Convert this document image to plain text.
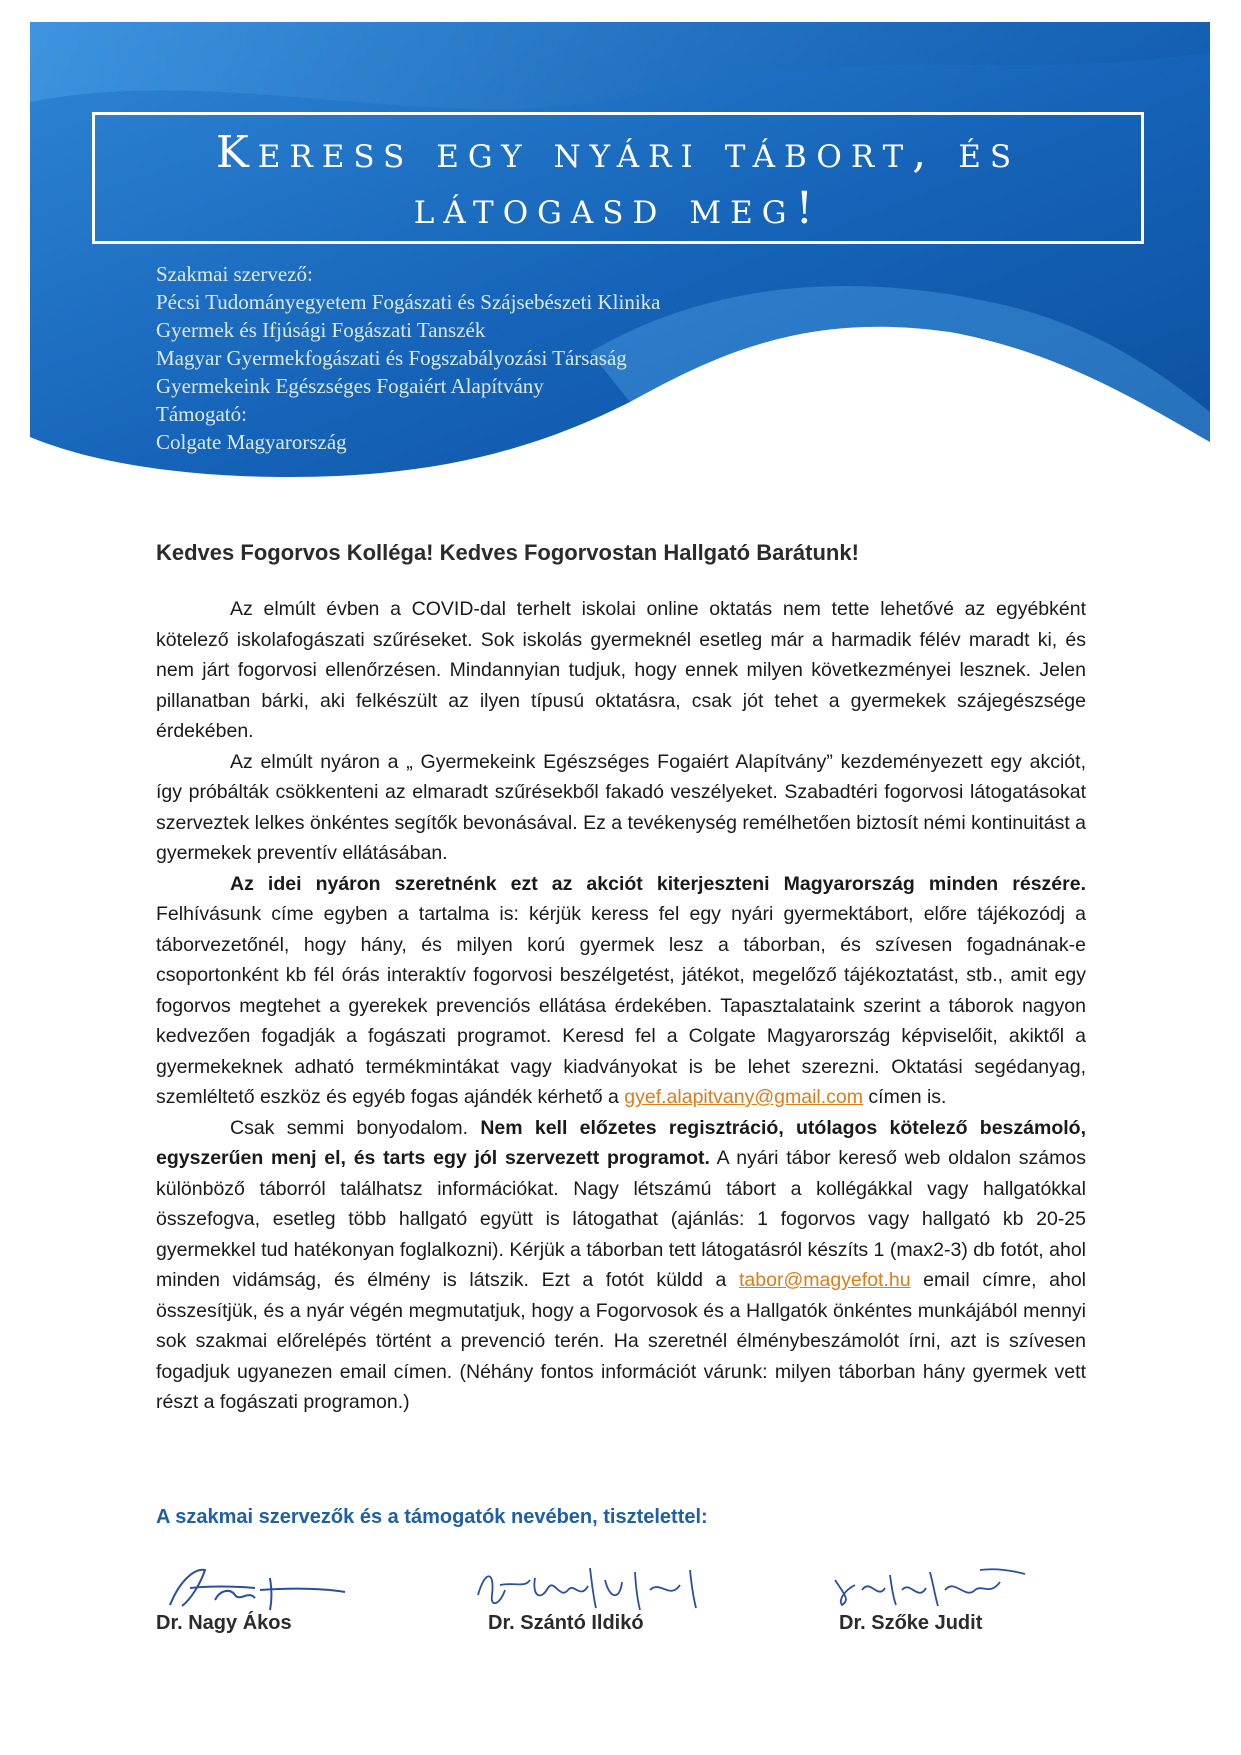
Keress egy nyári tábort, és látogasd meg!
Szakmai szervező:
Pécsi Tudományegyetem Fogászati és Szájsebészeti Klinika
Gyermek és Ifjúsági Fogászati Tanszék
Magyar Gyermekfogászati és Fogszabályozási Társaság
Gyermekeink Egészséges Fogaiért Alapítvány
Támogató:
Colgate Magyarország

Kedves Fogorvos Kolléga! Kedves Fogorvostan Hallgató Barátunk!

Az elmúlt évben a COVID-dal terhelt iskolai online oktatás nem tette lehetővé az egyébként kötelező iskolafogászati szűréseket. Sok iskolás gyermeknél esetleg már a harmadik félév maradt ki, és nem járt fogorvosi ellenőrzésen. Mindannyian tudjuk, hogy ennek milyen következményei lesznek. Jelen pillanatban bárki, aki felkészült az ilyen típusú oktatásra, csak jót tehet a gyermekek szájegészsége érdekében.

Az elmúlt nyáron a „ Gyermekeink Egészséges Fogaiért Alapítvány” kezdeményezett egy akciót, így próbálták csökkenteni az elmaradt szűrésekből fakadó veszélyeket. Szabadtéri fogorvosi látogatásokat szerveztek lelkes önkéntes segítők bevonásával. Ez a tevékenység remélhetően biztosít némi kontinuitást a gyermekek preventív ellátásában.

Az idei nyáron szeretnénk ezt az akciót kiterjeszteni Magyarország minden részére. Felhívásunk címe egyben a tartalma is: kérjük keress fel egy nyári gyermektábort, előre tájékozódj a táborvezetőnél, hogy hány, és milyen korú gyermek lesz a táborban, és szívesen fogadnának-e csoportonként kb fél órás interaktív fogorvosi beszélgetést, játékot, megelőző tájékoztatást, stb., amit egy fogorvos megtehet a gyerekek prevenciós ellátása érdekében. Tapasztalataink szerint a táborok nagyon kedvezően fogadják a fogászati programot. Keresd fel a Colgate Magyarország képviselőit, akiktől a gyermekeknek adható termékmintákat vagy kiadványokat is be lehet szerezni. Oktatási segédanyag, szemléltető eszköz és egyéb fogas ajándék kérhető a gyef.alapitvany@gmail.com címen is.

Csak semmi bonyodalom. Nem kell előzetes regisztráció, utólagos kötelező beszámoló, egyszerűen menj el, és tarts egy jól szervezett programot. A nyári tábor kereső web oldalon számos különböző táborról találhatsz információkat. Nagy létszámú tábort a kollégákkal vagy hallgatókkal összefogva, esetleg több hallgató együtt is látogathat (ajánlás: 1 fogorvos vagy hallgató kb 20-25 gyermekkel tud hatékonyan foglalkozni). Kérjük a táborban tett látogatásról készíts 1 (max2-3) db fotót, ahol minden vidámság, és élmény is látszik. Ezt a fotót küldd a tabor@magyefot.hu email címre, ahol összesítjük, és a nyár végén megmutatjuk, hogy a Fogorvosok és a Hallgatók önkéntes munkájából mennyi sok szakmai előrelépés történt a prevenció terén. Ha szeretnél élménybeszámolót írni, azt is szívesen fogadjuk ugyanezen email címen. (Néhány fontos információt várunk: milyen táborban hány gyermek vett részt a fogászati programon.)

A szakmai szervezők és a támogatók nevében, tisztelettel:
Dr. Nagy Ákos	Dr. Szántó Ildikó	Dr. Szőke Judit
